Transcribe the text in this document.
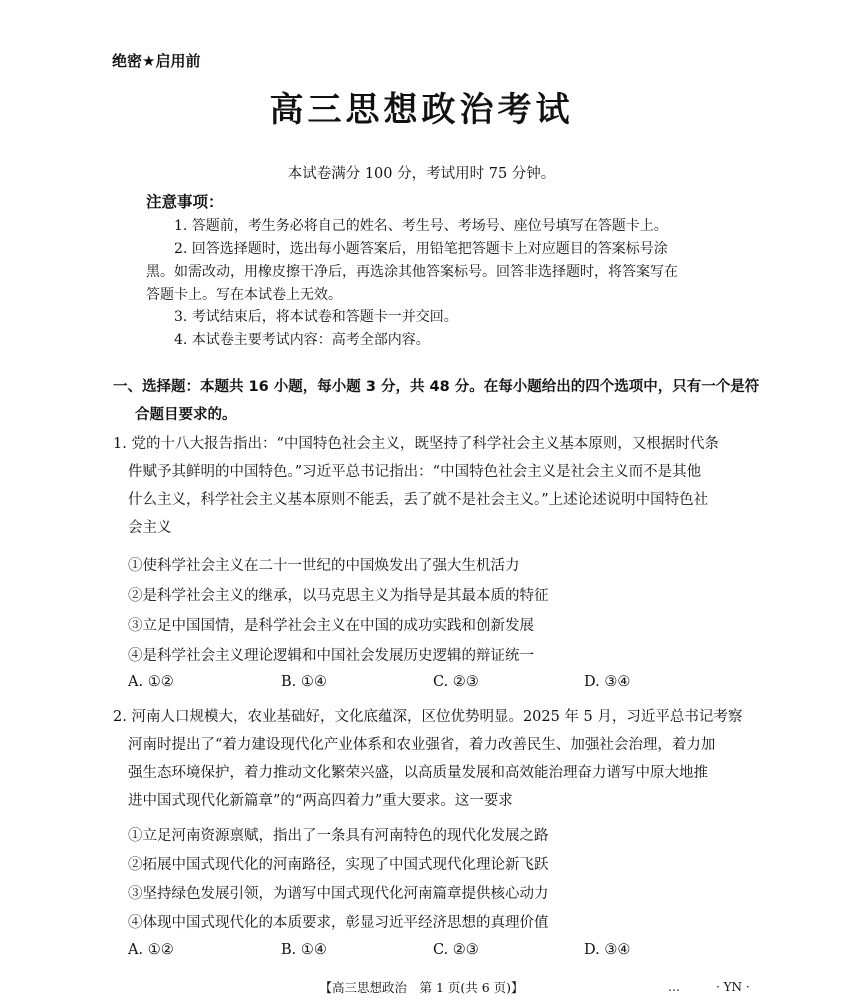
绝密★启用前
高三思想政治考试
本试卷满分 100 分，考试用时 75 分钟。
注意事项：
1. 答题前，考生务必将自己的姓名、考生号、考场号、座位号填写在答题卡上。
2. 回答选择题时，选出每小题答案后，用铅笔把答题卡上对应题目的答案标号涂
黑。如需改动，用橡皮擦干净后，再选涂其他答案标号。回答非选择题时，将答案写在
答题卡上。写在本试卷上无效。
3. 考试结束后，将本试卷和答题卡一并交回。
4. 本试卷主要考试内容：高考全部内容。
一、选择题：本题共 16 小题，每小题 3 分，共 48 分。在每小题给出的四个选项中，只有一个是符
合题目要求的。
1. 党的十八大报告指出：“中国特色社会主义，既坚持了科学社会主义基本原则，又根据时代条
件赋予其鲜明的中国特色。”习近平总书记指出：“中国特色社会主义是社会主义而不是其他
什么主义，科学社会主义基本原则不能丢，丢了就不是社会主义。”上述论述说明中国特色社
会主义
①使科学社会主义在二十一世纪的中国焕发出了强大生机活力
②是科学社会主义的继承，以马克思主义为指导是其最本质的特征
③立足中国国情，是科学社会主义在中国的成功实践和创新发展
④是科学社会主义理论逻辑和中国社会发展历史逻辑的辩证统一
A. ①②	B. ①④	C. ②③	D. ③④
2. 河南人口规模大，农业基础好，文化底蕴深，区位优势明显。2025 年 5 月，习近平总书记考察
河南时提出了“着力建设现代化产业体系和农业强省，着力改善民生、加强社会治理，着力加
强生态环境保护，着力推动文化繁荣兴盛，以高质量发展和高效能治理奋力谱写中原大地推
进中国式现代化新篇章”的“两高四着力”重大要求。这一要求
①立足河南资源禀赋，指出了一条具有河南特色的现代化发展之路
②拓展中国式现代化的河南路径，实现了中国式现代化理论新飞跃
③坚持绿色发展引领，为谱写中国式现代化河南篇章提供核心动力
④体现中国式现代化的本质要求，彰显习近平经济思想的真理价值
A. ①②	B. ①④	C. ②③	D. ③④
【高三思想政治　第 1 页(共 6 页)】	…　　　· YN ·
